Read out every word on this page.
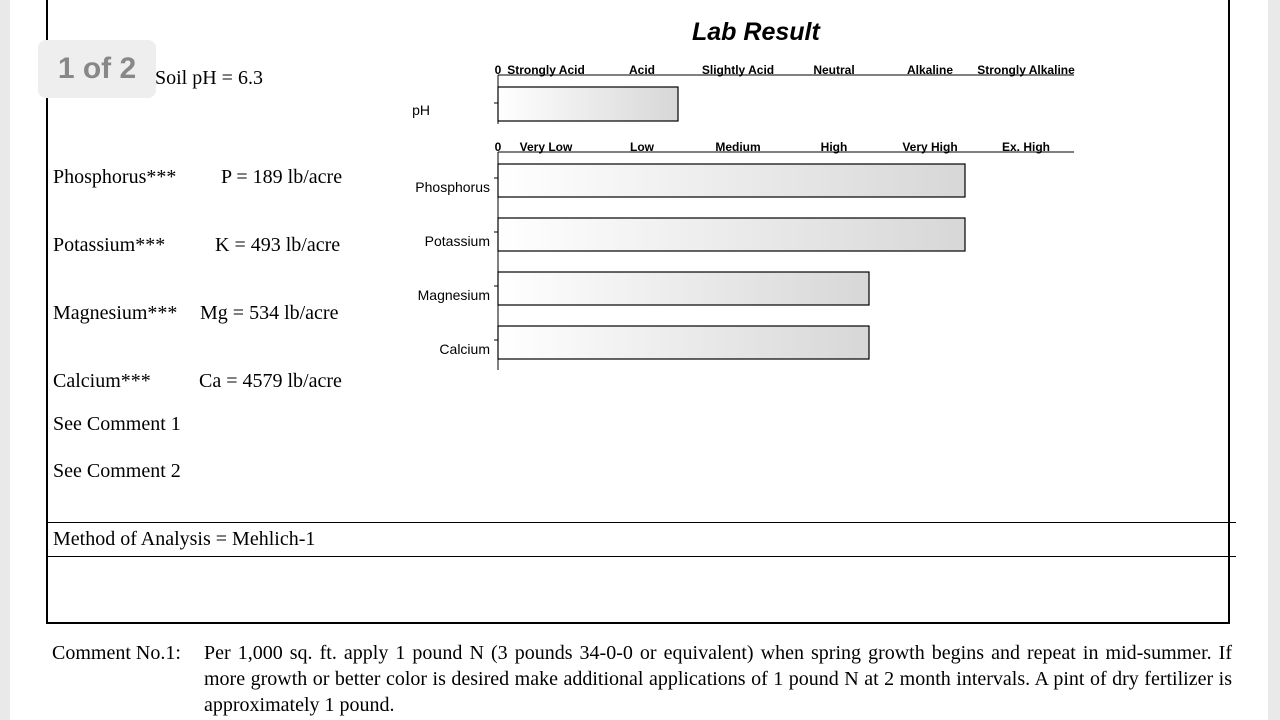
1 of 2
Lab Result
Soil pH = 6.3
Phosphorus*** P = 189 lb/acre
Potassium*** K = 493 lb/acre
Magnesium*** Mg = 534 lb/acre
Calcium*** Ca = 4579 lb/acre
See Comment 1
See Comment 2
Method of Analysis = Mehlich-1
0 Strongly Acid	Acid	Slightly Acid	Neutral	Alkaline Strongly Alkaline
pH
0 Very Low	Low	Medium	High	Very High	Ex. High
Phosphorus
Potassium
Magnesium
Calcium
Comment No.1: Per 1,000 sq. ft. apply 1 pound N (3 pounds 34-0-0 or equivalent) when spring growth begins and repeat in mid-summer. If more growth or better color is desired make additional applications of 1 pound N at 2 month intervals. A pint of dry fertilizer is approximately 1 pound.
